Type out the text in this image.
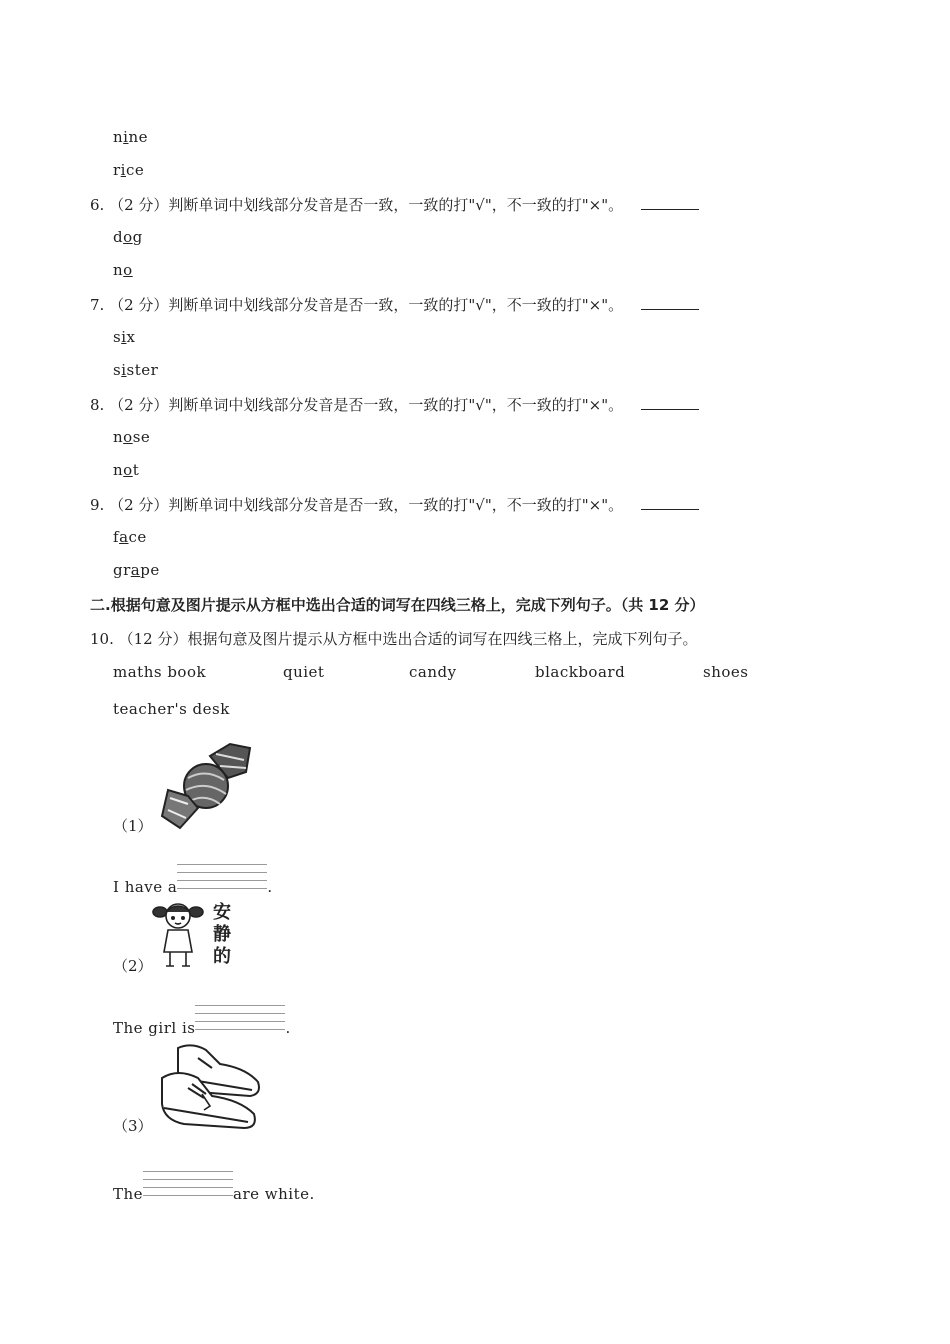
nine
rice
6. （2 分）判断单词中划线部分发音是否一致，一致的打"√"，不一致的打"×"。
dog
no
7. （2 分）判断单词中划线部分发音是否一致，一致的打"√"，不一致的打"×"。
six
sister
8. （2 分）判断单词中划线部分发音是否一致，一致的打"√"，不一致的打"×"。
nose
not
9. （2 分）判断单词中划线部分发音是否一致，一致的打"√"，不一致的打"×"。
face
grape
二.根据句意及图片提示从方框中选出合适的词写在四线三格上，完成下列句子。（共 12 分）
10. （12 分）根据句意及图片提示从方框中选出合适的词写在四线三格上，完成下列句子。
maths book	quiet	candy	blackboard	shoes
teacher's desk
（1）
I have a	.
安
静
的
（2）
The girl is	.
（3）
The	are white.
